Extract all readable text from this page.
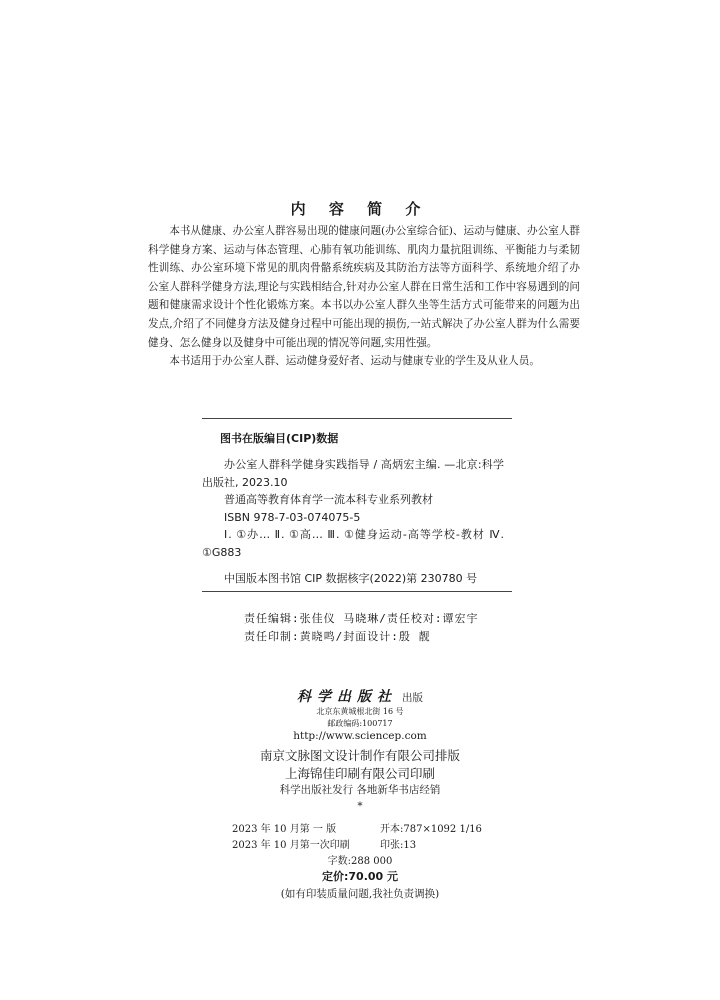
内 容 简 介

本书从健康、办公室人群容易出现的健康问题(办公室综合征)、运动与健康、办公室人群科学健身方案、运动与体态管理、心肺有氧功能训练、肌肉力量抗阻训练、平衡能力与柔韧性训练、办公室环境下常见的肌肉骨骼系统疾病及其防治方法等方面科学、系统地介绍了办公室人群科学健身方法,理论与实践相结合,针对办公室人群在日常生活和工作中容易遇到的问题和健康需求设计个性化锻炼方案。本书以办公室人群久坐等生活方式可能带来的问题为出发点,介绍了不同健身方法及健身过程中可能出现的损伤,一站式解决了办公室人群为什么需要健身、怎么健身以及健身中可能出现的情况等问题,实用性强。

本书适用于办公室人群、运动健身爱好者、运动与健康专业的学生及从业人员。

图书在版编目(CIP)数据

办公室人群科学健身实践指导 / 高炳宏主编. —北京:科学出版社, 2023.10

普通高等教育体育学一流本科专业系列教材

ISBN 978-7-03-074075-5

Ⅰ. ①办… Ⅱ. ①高… Ⅲ. ①健身运动-高等学校-教材 Ⅳ. ①G883

中国版本图书馆 CIP 数据核字(2022)第 230780 号

责任编辑:张佳仪 马晓琳/责任校对:谭宏宇
责任印制:黄晓鸣/封面设计:殷 靓
科学出版社 出版
北京东黄城根北街 16 号
邮政编码:100717
http://www.sciencep.com
南京文脉图文设计制作有限公司排版
上海锦佳印刷有限公司印刷
科学出版社发行 各地新华书店经销
*
2023 年 10 月第 一 版	开本:787×1092 1/16
2023 年 10 月第一次印刷	印张:13
字数:288 000
定价:70.00 元
(如有印装质量问题,我社负责调换)
